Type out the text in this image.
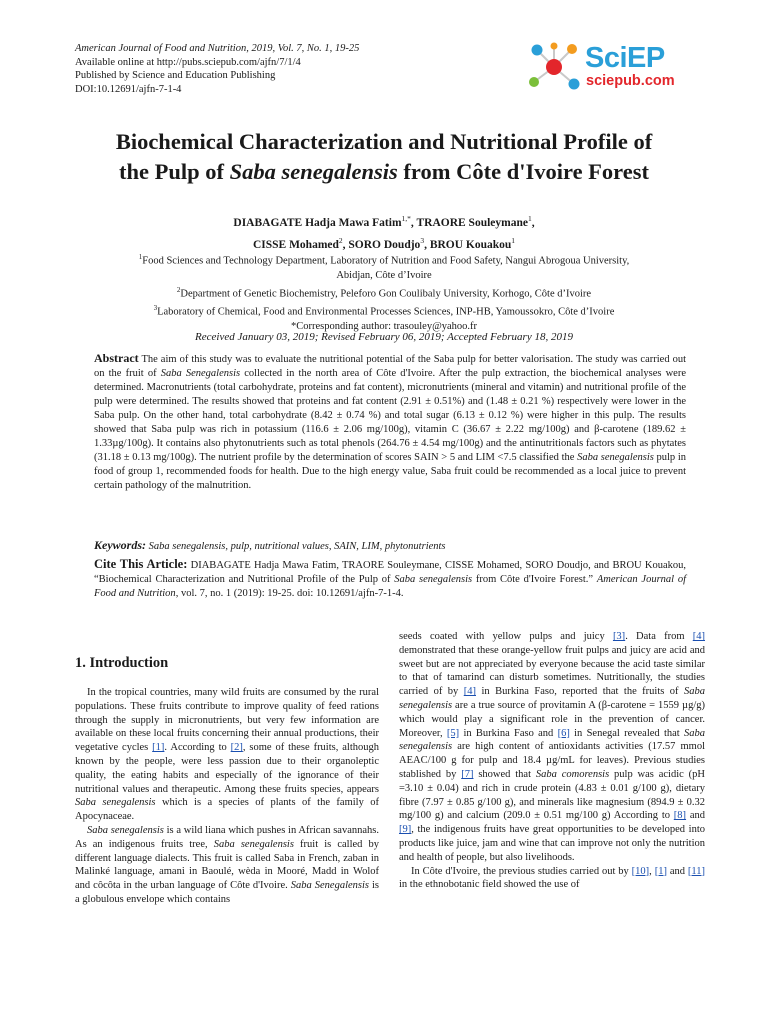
American Journal of Food and Nutrition, 2019, Vol. 7, No. 1, 19-25
Available online at http://pubs.sciepub.com/ajfn/7/1/4
Published by Science and Education Publishing
DOI:10.12691/ajfn-7-1-4
SciEP
sciepub.com
Biochemical Characterization and Nutritional Profile of
the Pulp of Saba senegalensis from Côte d'Ivoire Forest
DIABAGATE Hadja Mawa Fatim$^{1,*}$, TRAORE Souleymane$^1$,
CISSE Mohamed$^2$, SORO Doudjo$^3$, BROU Kouakou$^1$
$^1$Food Sciences and Technology Department, Laboratory of Nutrition and Food Safety, Nangui Abrogoua University,
Abidjan, Côte d’Ivoire
$^2$Department of Genetic Biochemistry, Peleforo Gon Coulibaly University, Korhogo, Côte d’Ivoire
$^3$Laboratory of Chemical, Food and Environmental Processes Sciences, INP-HB, Yamoussokro, Côte d’Ivoire
*Corresponding author: trasouley@yahoo.fr
Received January 03, 2019; Revised February 06, 2019; Accepted February 18, 2019
Abstract The aim of this study was to evaluate the nutritional potential of the Saba pulp for better valorisation. The study was carried out on the fruit of Saba Senegalensis collected in the north area of Côte d'Ivoire. After the pulp extraction, the biochemical analyses were determined. Macronutrients (total carbohydrate, proteins and fat content), micronutrients (mineral and vitamin) and nutritional profile of the pulp were determined. The results showed that proteins and fat content (2.91 ± 0.51%) and (1.48 ± 0.21 %) respectively were lower in the Saba pulp. On the other hand, total carbohydrate (8.42 ± 0.74 %) and total sugar (6.13 ± 0.12 %) were higher in this pulp. The results showed that Saba pulp was rich in potassium (116.6 ± 2.06 mg/100g), vitamin C (36.67 ± 2.22 mg/100g) and β-carotene (189.62 ± 1.33µg/100g). It contains also phytonutrients such as total phenols (264.76 ± 4.54 mg/100g) and the antinutritionals factors such as phytates (31.18 ± 0.13 mg/100g). The nutrient profile by the determination of scores SAIN > 5 and LIM <7.5 classified the Saba senegalensis pulp in food of group 1, recommended foods for health. Due to the high energy value, Saba fruit could be recommended as a local juice to prevent certain pathology of the malnutrition.
Keywords: Saba senegalensis, pulp, nutritional values, SAIN, LIM, phytonutrients
Cite This Article: DIABAGATE Hadja Mawa Fatim, TRAORE Souleymane, CISSE Mohamed, SORO Doudjo, and BROU Kouakou, “Biochemical Characterization and Nutritional Profile of the Pulp of Saba senegalensis from Côte d'Ivoire Forest.” American Journal of Food and Nutrition, vol. 7, no. 1 (2019): 19-25. doi: 10.12691/ajfn-7-1-4.
1. Introduction

In the tropical countries, many wild fruits are consumed by the rural populations. These fruits contribute to improve quality of feed rations through the supply in micronutrients, but very few information are available on these local fruits concerning their annual productions, their vegetative cycles [1]. According to [2], some of these fruits, although known by the people, were less passion due to their organoleptic quality, the eating habits and especially of the ignorance of their nutritional values and therapeutic. Among these fruits species, appears Saba senegalensis which is a species of plants of the family of Apocynaceae.

Saba senegalensis is a wild liana which pushes in African savannahs. As an indigenous fruits tree, Saba senegalensis fruit is called by different language dialects. This fruit is called Saba in French, zaban in Malinké language, amani in Baoulé, wèda in Mooré, Madd in Wolof and côcôta in the urban language of Côte d'Ivoire. Saba Senegalensis is a globulous envelope which contains

seeds coated with yellow pulps and juicy [3]. Data from [4] demonstrated that these orange-yellow fruit pulps and juicy are acid and sweet but are not appreciated by everyone because the acid taste similar to that of tamarind can disturb sometimes. Nutritionally, the studies carried of by [4] in Burkina Faso, reported that the fruits of Saba senegalensis are a true source of provitamin A (β-carotene = 1559 µg/g) which would play a significant role in the prevention of cancer. Moreover, [5] in Burkina Faso and [6] in Senegal revealed that Saba senegalensis are high content of antioxidants activities (17.57 mmol AEAC/100 g for pulp and 18.4 µg/mL for leaves). Previous studies stablished by [7] showed that Saba comorensis pulp was acidic (pH =3.10 ± 0.04) and rich in crude protein (4.83 ± 0.01 g/100 g), dietary fibre (7.97 ± 0.85 g/100 g), and minerals like magnesium (894.9 ± 0.32 mg/100 g) and calcium (209.0 ± 0.51 mg/100 g) According to [8] and [9], the indigenous fruits have great opportunities to be developed into products like juice, jam and wine that can improve not only the nutrition and health of people, but also livelihoods.

In Côte d'Ivoire, the previous studies carried out by [10], [1] and [11] in the ethnobotanic field showed the use of
